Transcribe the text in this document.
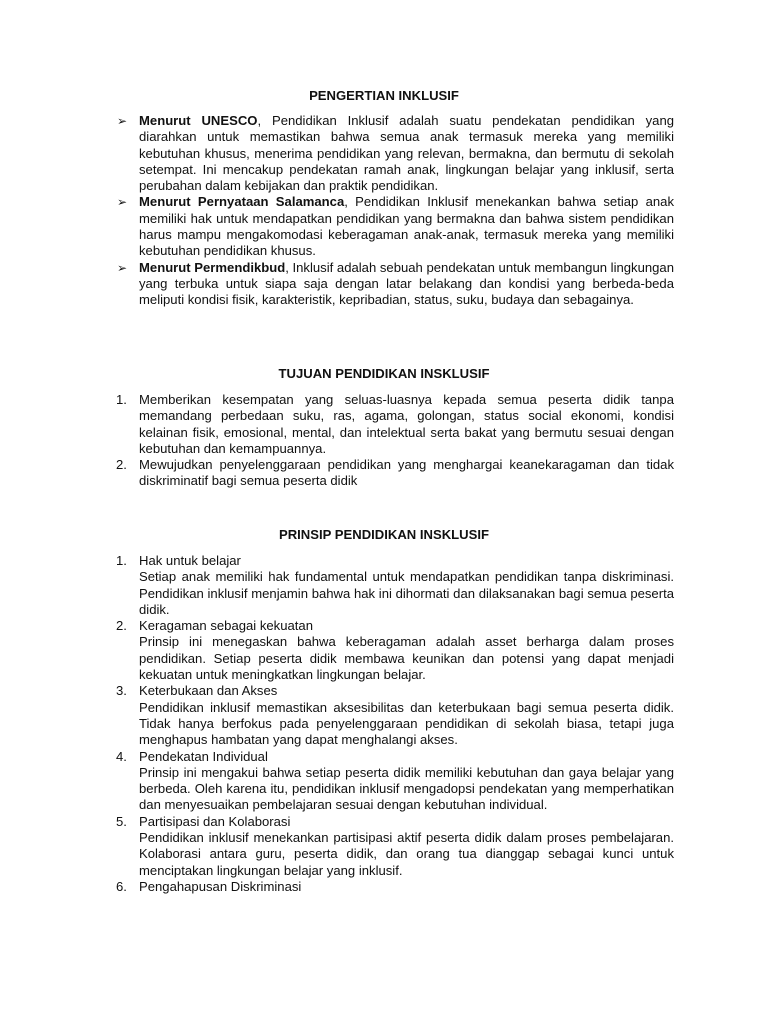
PENGERTIAN INKLUSIF
➢ Menurut UNESCO, Pendidikan Inklusif adalah suatu pendekatan pendidikan yang diarahkan untuk memastikan bahwa semua anak termasuk mereka yang memiliki kebutuhan khusus, menerima pendidikan yang relevan, bermakna, dan bermutu di sekolah setempat. Ini mencakup pendekatan ramah anak, lingkungan belajar yang inklusif, serta perubahan dalam kebijakan dan praktik pendidikan.
➢ Menurut Pernyataan Salamanca, Pendidikan Inklusif menekankan bahwa setiap anak memiliki hak untuk mendapatkan pendidikan yang bermakna dan bahwa sistem pendidikan harus mampu mengakomodasi keberagaman anak-anak, termasuk mereka yang memiliki kebutuhan pendidikan khusus.
➢ Menurut Permendikbud, Inklusif adalah sebuah pendekatan untuk membangun lingkungan yang terbuka untuk siapa saja dengan latar belakang dan kondisi yang berbeda-beda meliputi kondisi fisik, karakteristik, kepribadian, status, suku, budaya dan sebagainya.
TUJUAN PENDIDIKAN INSKLUSIF
1. Memberikan kesempatan yang seluas-luasnya kepada semua peserta didik tanpa memandang perbedaan suku, ras, agama, golongan, status social ekonomi, kondisi kelainan fisik, emosional, mental, dan intelektual serta bakat yang bermutu sesuai dengan kebutuhan dan kemampuannya.
2. Mewujudkan penyelenggaraan pendidikan yang menghargai keanekaragaman dan tidak diskriminatif bagi semua peserta didik
PRINSIP PENDIDIKAN INSKLUSIF
1. Hak untuk belajar
Setiap anak memiliki hak fundamental untuk mendapatkan pendidikan tanpa diskriminasi. Pendidikan inklusif menjamin bahwa hak ini dihormati dan dilaksanakan bagi semua peserta didik.
2. Keragaman sebagai kekuatan
Prinsip ini menegaskan bahwa keberagaman adalah asset berharga dalam proses pendidikan. Setiap peserta didik membawa keunikan dan potensi yang dapat menjadi kekuatan untuk meningkatkan lingkungan belajar.
3. Keterbukaan dan Akses
Pendidikan inklusif memastikan aksesibilitas dan keterbukaan bagi semua peserta didik. Tidak hanya berfokus pada penyelenggaraan pendidikan di sekolah biasa, tetapi juga menghapus hambatan yang dapat menghalangi akses.
4. Pendekatan Individual
Prinsip ini mengakui bahwa setiap peserta didik memiliki kebutuhan dan gaya belajar yang berbeda. Oleh karena itu, pendidikan inklusif mengadopsi pendekatan yang memperhatikan dan menyesuaikan pembelajaran sesuai dengan kebutuhan individual.
5. Partisipasi dan Kolaborasi
Pendidikan inklusif menekankan partisipasi aktif peserta didik dalam proses pembelajaran. Kolaborasi antara guru, peserta didik, dan orang tua dianggap sebagai kunci untuk menciptakan lingkungan belajar yang inklusif.
6. Pengahapusan Diskriminasi
